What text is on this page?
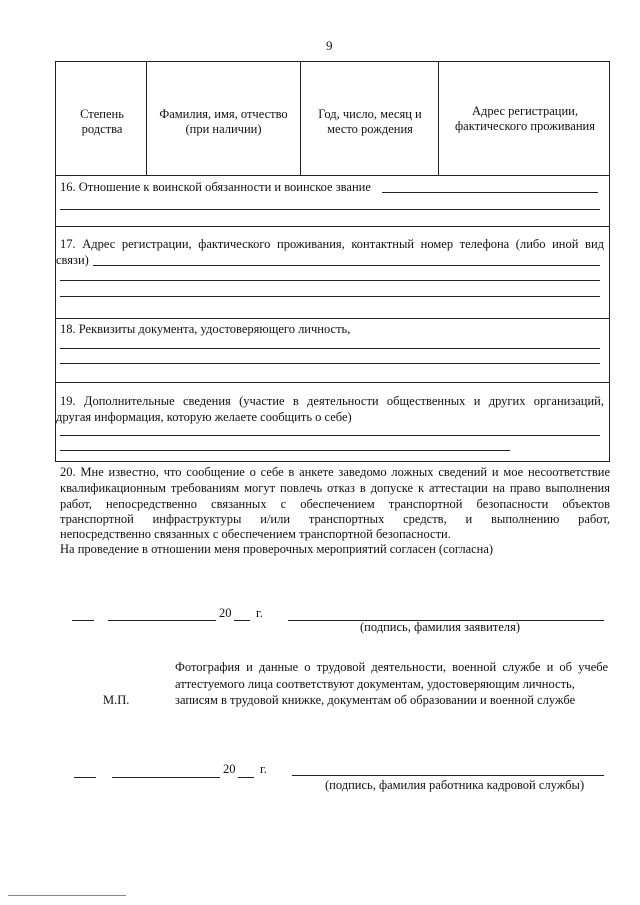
9
Степень родства
Фамилия, имя, отчество (при наличии)
Год, число, месяц и место рождения
Адрес регистрации, фактического проживания
16. Отношение к воинской обязанности и воинское звание
17. Адрес регистрации, фактического проживания, контактный номер телефона (либо иной вид
связи)
18. Реквизиты документа, удостоверяющего личность,
19. Дополнительные сведения (участие в деятельности общественных и других организаций,
другая информация, которую желаете сообщить о себе)
20. Мне известно, что сообщение о себе в анкете заведомо ложных сведений и мое несоответствие
квалификационным требованиям могут повлечь отказ в допуске к аттестации на право выполнения
работ, непосредственно связанных с обеспечением транспортной безопасности объектов
транспортной инфраструктуры и/или транспортных средств, и выполнению работ,
непосредственно связанных с обеспечением транспортной безопасности.
На проведение в отношении меня проверочных мероприятий согласен (согласна)
20 г.
(подпись, фамилия заявителя)
М.П.
Фотография и данные о трудовой деятельности, военной службе и об учебе
аттестуемого лица соответствуют документам, удостоверяющим личность,
записям в трудовой книжке, документам об образовании и военной службе
20 г.
(подпись, фамилия работника кадровой службы)
